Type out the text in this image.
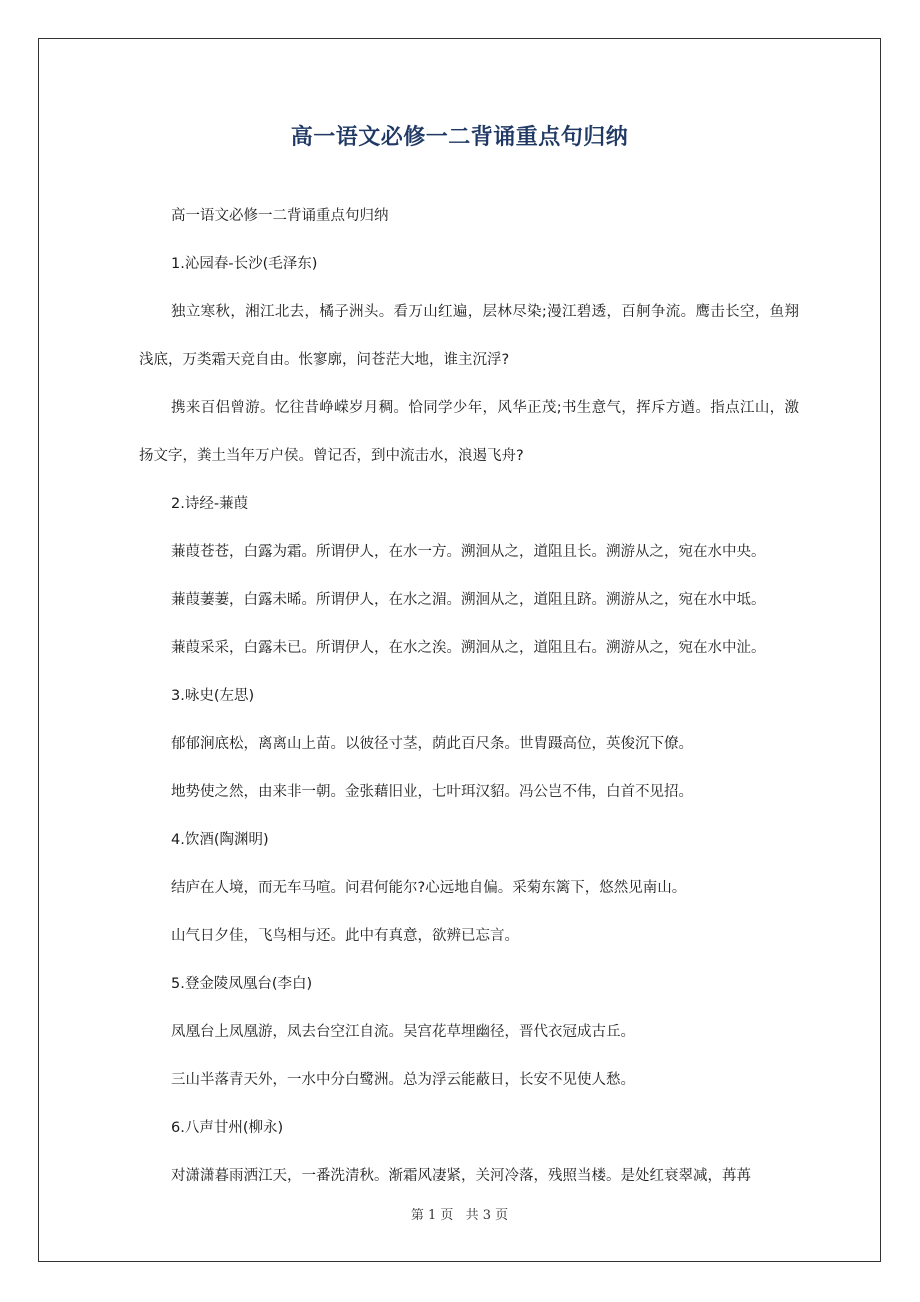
高一语文必修一二背诵重点句归纳

高一语文必修一二背诵重点句归纳

1.沁园春-长沙(毛泽东)

独立寒秋，湘江北去，橘子洲头。看万山红遍，层林尽染;漫江碧透，百舸争流。鹰击长空，鱼翔浅底，万类霜天竞自由。怅寥廓，问苍茫大地，谁主沉浮?

携来百侣曾游。忆往昔峥嵘岁月稠。恰同学少年，风华正茂;书生意气，挥斥方遒。指点江山，激扬文字，粪土当年万户侯。曾记否，到中流击水，浪遏飞舟?

2.诗经-蒹葭

蒹葭苍苍，白露为霜。所谓伊人，在水一方。溯洄从之，道阻且长。溯游从之，宛在水中央。

蒹葭萋萋，白露未晞。所谓伊人，在水之湄。溯洄从之，道阻且跻。溯游从之，宛在水中坻。

蒹葭采采，白露未已。所谓伊人，在水之涘。溯洄从之，道阻且右。溯游从之，宛在水中沚。

3.咏史(左思)

郁郁涧底松，离离山上苗。以彼径寸茎，荫此百尺条。世胄蹑高位，英俊沉下僚。

地势使之然，由来非一朝。金张藉旧业，七叶珥汉貂。冯公岂不伟，白首不见招。

4.饮酒(陶渊明)

结庐在人境，而无车马喧。问君何能尔?心远地自偏。采菊东篱下，悠然见南山。

山气日夕佳，飞鸟相与还。此中有真意，欲辨已忘言。

5.登金陵凤凰台(李白)

凤凰台上凤凰游，凤去台空江自流。吴宫花草埋幽径，晋代衣冠成古丘。

三山半落青天外，一水中分白鹭洲。总为浮云能蔽日，长安不见使人愁。

6.八声甘州(柳永)

对潇潇暮雨洒江天，一番洗清秋。渐霜风凄紧，关河冷落，残照当楼。是处红衰翠减，苒苒

第 1 页 共 3 页
